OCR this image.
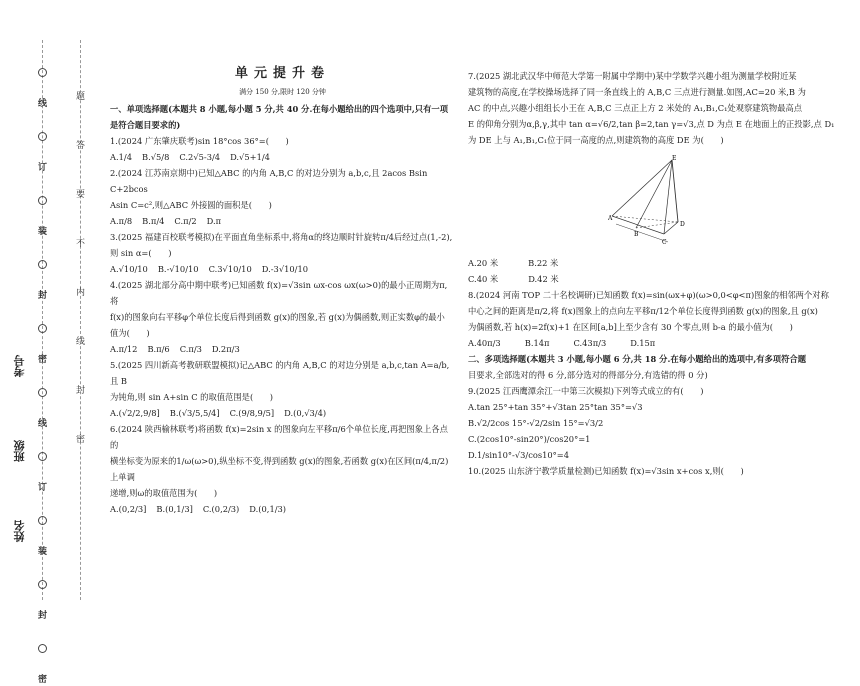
线
订
装
封
密
线
订
装
封
密
题
答
要
不
内
线
封
密
考号
班级
姓名
单元提升卷
满分 150 分,限时 120 分钟

一、单项选择题(本题共 8 小题,每小题 5 分,共 40 分.在每小题给出的四个选项中,只有一项是符合题目要求的)

1.(2024 广东肇庆联考)sin 18°cos 36°=(　　)

A.1/4 B.√5/8 C.2√5-3/4 D.√5+1/4

2.(2024 江苏南京期中)已知△ABC 的内角 A,B,C 的对边分别为 a,b,c,且 2acos Bsin C+2bcos

Asin C=c²,则△ABC 外接圆的面积是(　　)

A.π/8 B.π/4 C.π/2 D.π

3.(2025 福建百校联考模拟)在平面直角坐标系中,将角α的终边顺时针旋转π/4后经过点(1,-2),

则 sin α=(　　)

A.√10/10 B.-√10/10 C.3√10/10 D.-3√10/10

4.(2025 湖北部分高中期中联考)已知函数 f(x)=√3sin ωx-cos ωx(ω>0)的最小正周期为π,将

f(x)的图象向右平移φ个单位长度后得到函数 g(x)的图象,若 g(x)为偶函数,则正实数φ的最小

值为(　　)

A.π/12 B.π/6 C.π/3 D.2π/3

5.(2025 四川新高考教研联盟模拟)记△ABC 的内角 A,B,C 的对边分别是 a,b,c,tan A=a/b,且 B

为钝角,则 sin A+sin C 的取值范围是(　　)

A.(√2/2,9/8] B.(√3/5,5/4] C.(9/8,9/5] D.(0,√3/4)

6.(2024 陕西榆林联考)将函数 f(x)=2sin x 的图象向左平移π/6个单位长度,再把图象上各点的

横坐标变为原来的1/ω(ω>0),纵坐标不变,得到函数 g(x)的图象,若函数 g(x)在区间(π/4,π/2)上单调

递增,则ω的取值范围为(　　)

A.(0,2/3] B.(0,1/3] C.(0,2/3) D.(0,1/3)

7.(2025 湖北武汉华中师范大学第一附属中学期中)某中学数学兴趣小组为测量学校附近某

建筑物的高度,在学校操场选择了同一条直线上的 A,B,C 三点进行测量.如图,AC=20 米,B 为

AC 的中点,兴趣小组组长小王在 A,B,C 三点正上方 2 米处的 A₁,B₁,C₁处观察建筑物最高点

E 的仰角分别为α,β,γ,其中 tan α=√6/2,tan β=2,tan γ=√3,点 D 为点 E 在地面上的正投影,点 D₁

为 DE 上与 A₁,B₁,C₁位于同一高度的点,则建筑物的高度 DE 为(　　)

E
A
B
C
D
A.20 米	B.22 米
C.40 米	D.42 米

8.(2024 河南 TOP 二十名校调研)已知函数 f(x)=sin(ωx+φ)(ω>0,0<φ<π)图象的相邻两个对称

中心之间的距离是π/2,将 f(x)图象上的点向左平移π/12个单位长度得到函数 g(x)的图象,且 g(x)

为偶函数,若 h(x)=2f(x)+1 在区间[a,b]上至少含有 30 个零点,则 b-a 的最小值为(　　)

A.40π/3	B.14π	C.43π/3	D.15π

二、多项选择题(本题共 3 小题,每小题 6 分,共 18 分.在每小题给出的选项中,有多项符合题

目要求,全部选对的得 6 分,部分选对的得部分分,有选错的得 0 分)

9.(2025 江西鹰潭余江一中第三次模拟)下列等式成立的有(　　)

A.tan 25°+tan 35°+√3tan 25°tan 35°=√3

B.√2/2cos 15°-√2/2sin 15°=√3/2

C.(2cos10°-sin20°)/cos20°=1

D.1/sin10°-√3/cos10°=4

10.(2025 山东济宁教学质量检测)已知函数 f(x)=√3sin x+cos x,则(　　)
